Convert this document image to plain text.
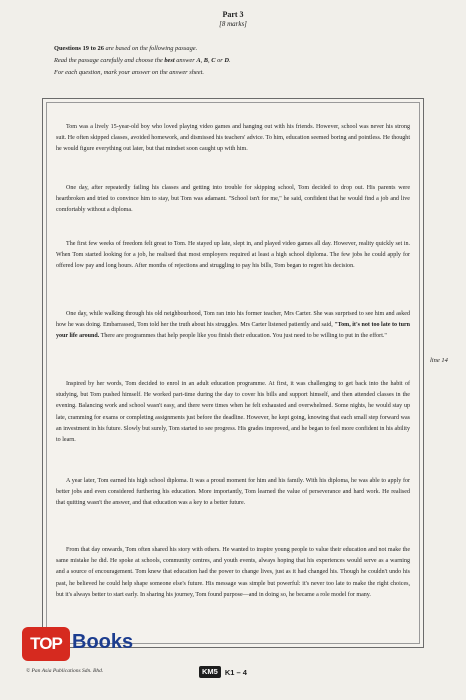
Part 3
[8 marks]
Questions 19 to 26 are based on the following passage.
Read the passage carefully and choose the best answer A, B, C or D.
For each question, mark your answer on the answer sheet.
Tom was a lively 15-year-old boy who loved playing video games and hanging out with his friends. However, school was never his strong suit. He often skipped classes, avoided homework, and dismissed his teachers' advice. To him, education seemed boring and pointless. He thought he would figure everything out later, but that mindset soon caught up with him.
One day, after repeatedly failing his classes and getting into trouble for skipping school, Tom decided to drop out. His parents were heartbroken and tried to convince him to stay, but Tom was adamant. "School isn't for me," he said, confident that he would find a job and live comfortably without a diploma.
The first few weeks of freedom felt great to Tom. He stayed up late, slept in, and played video games all day. However, reality quickly set in. When Tom started looking for a job, he realised that most employers required at least a high school diploma. The few jobs he could apply for offered low pay and long hours. After months of rejections and struggling to pay his bills, Tom began to regret his decision.
One day, while walking through his old neighbourhood, Tom ran into his former teacher, Mrs Carter. She was surprised to see him and asked how he was doing. Embarrassed, Tom told her the truth about his struggles. Mrs Carter listened patiently and said, "Tom, it's not too late to turn your life around. There are programmes that help people like you finish their education. You just need to be willing to put in the effort."
Inspired by her words, Tom decided to enrol in an adult education programme. At first, it was challenging to get back into the habit of studying, but Tom pushed himself. He worked part-time during the day to cover his bills and support himself, and then attended classes in the evening. Balancing work and school wasn't easy, and there were times when he felt exhausted and overwhelmed. Some nights, he would stay up late, cramming for exams or completing assignments just before the deadline. However, he kept going, knowing that each small step forward was an investment in his future. Slowly but surely, Tom started to see progress. His grades improved, and he began to feel more confident in his ability to learn.
A year later, Tom earned his high school diploma. It was a proud moment for him and his family. With his diploma, he was able to apply for better jobs and even considered furthering his education. More importantly, Tom learned the value of perseverance and hard work. He realised that quitting wasn't the answer, and that education was a key to a better future.
From that day onwards, Tom often shared his story with others. He wanted to inspire young people to value their education and not make the same mistake he did. He spoke at schools, community centres, and youth events, always hoping that his experiences would serve as a warning and a source of encouragement. Tom knew that education had the power to change lives, just as it had changed his. Though he couldn't undo his past, he believed he could help shape someone else's future. His message was simple but powerful: it's never too late to make the right choices, but it's always better to start early. In sharing his journey, Tom found purpose—and in doing so, he became a role model for many.
line 14
TOP Books
© Pan Asia Publications Sdn. Bhd.	KM5 K1 – 4
